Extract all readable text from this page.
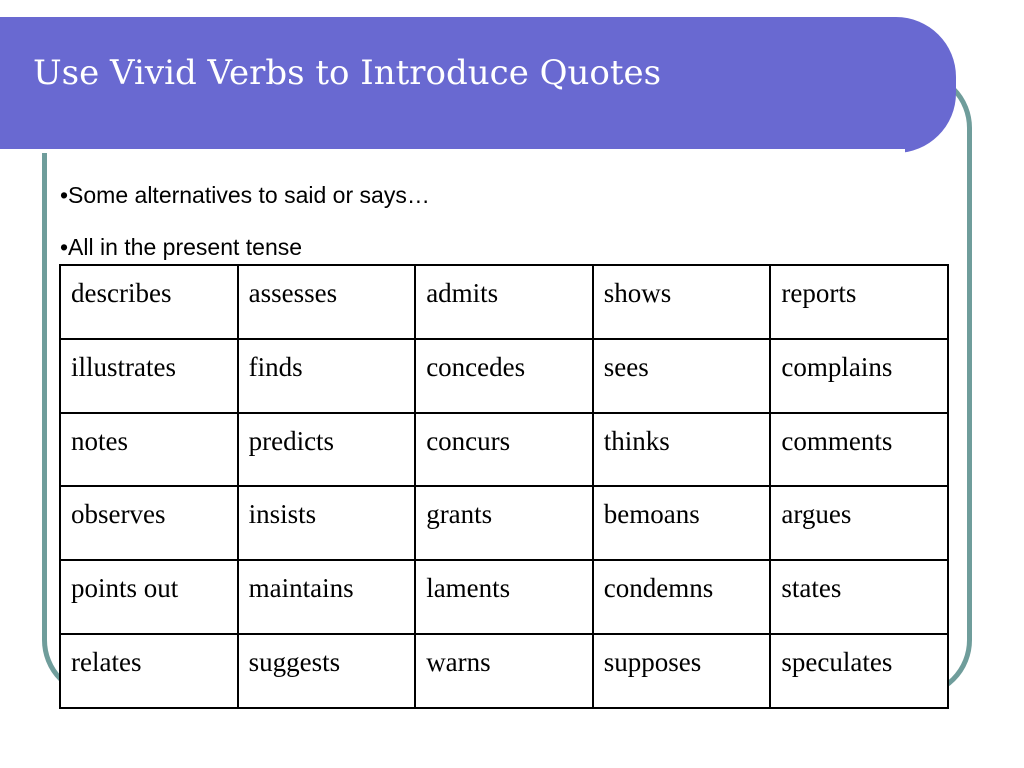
Use Vivid Verbs to Introduce Quotes
•Some alternatives to said or says…
•All in the present tense
describes	assesses	admits	shows	reports
illustrates	finds	concedes	sees	complains
notes	predicts	concurs	thinks	comments
observes	insists	grants	bemoans	argues
points out	maintains	laments	condemns	states
relates	suggests	warns	supposes	speculates
